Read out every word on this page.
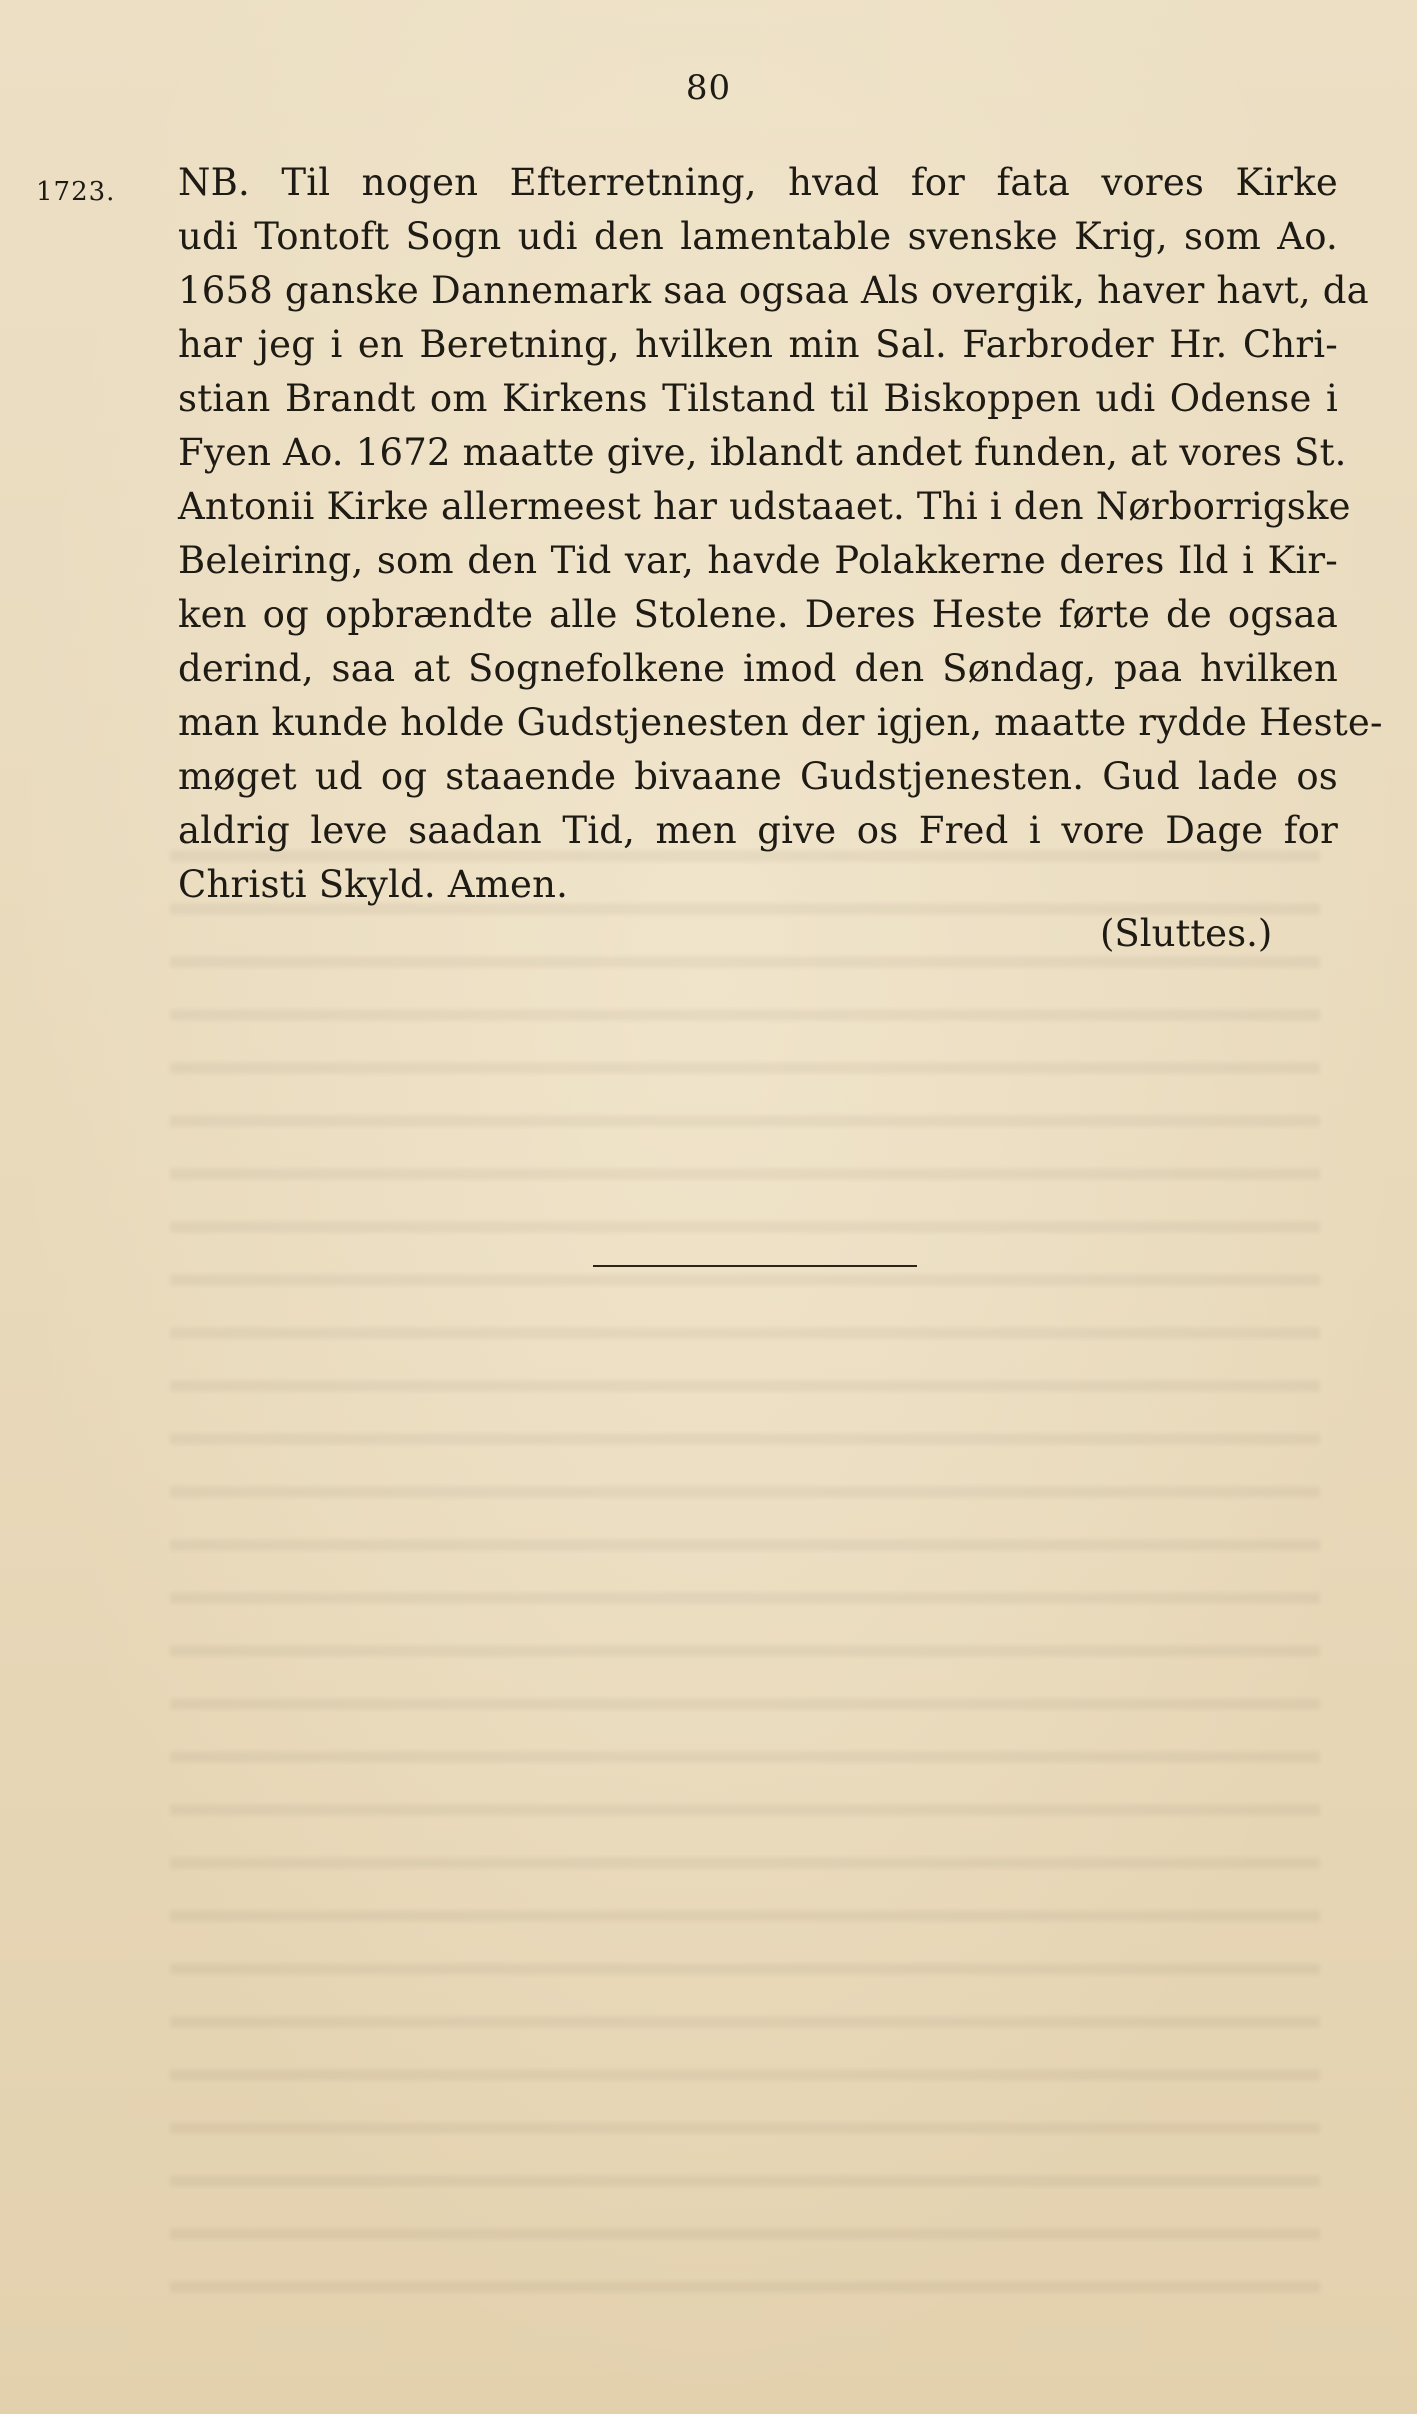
80
1723. NB. Til nogen Efterretning, hvad for fata vores Kirke
udi Tontoft Sogn udi den lamentable svenske Krig, som Ao.
1658 ganske Dannemark saa ogsaa Als overgik, haver havt, da
har jeg i en Beretning, hvilken min Sal. Farbroder Hr. Chri-
stian Brandt om Kirkens Tilstand til Biskoppen udi Odense i
Fyen Ao. 1672 maatte give, iblandt andet funden, at vores St.
Antonii Kirke allermeest har udstaaet. Thi i den Nørborrigske
Beleiring, som den Tid var, havde Polakkerne deres Ild i Kir-
ken og opbrændte alle Stolene. Deres Heste førte de ogsaa
derind, saa at Sognefolkene imod den Søndag, paa hvilken
man kunde holde Gudstjenesten der igjen, maatte rydde Heste-
møget ud og staaende bivaane Gudstjenesten. Gud lade os
aldrig leve saadan Tid, men give os Fred i vore Dage for
Christi Skyld. Amen.
(Sluttes.)
